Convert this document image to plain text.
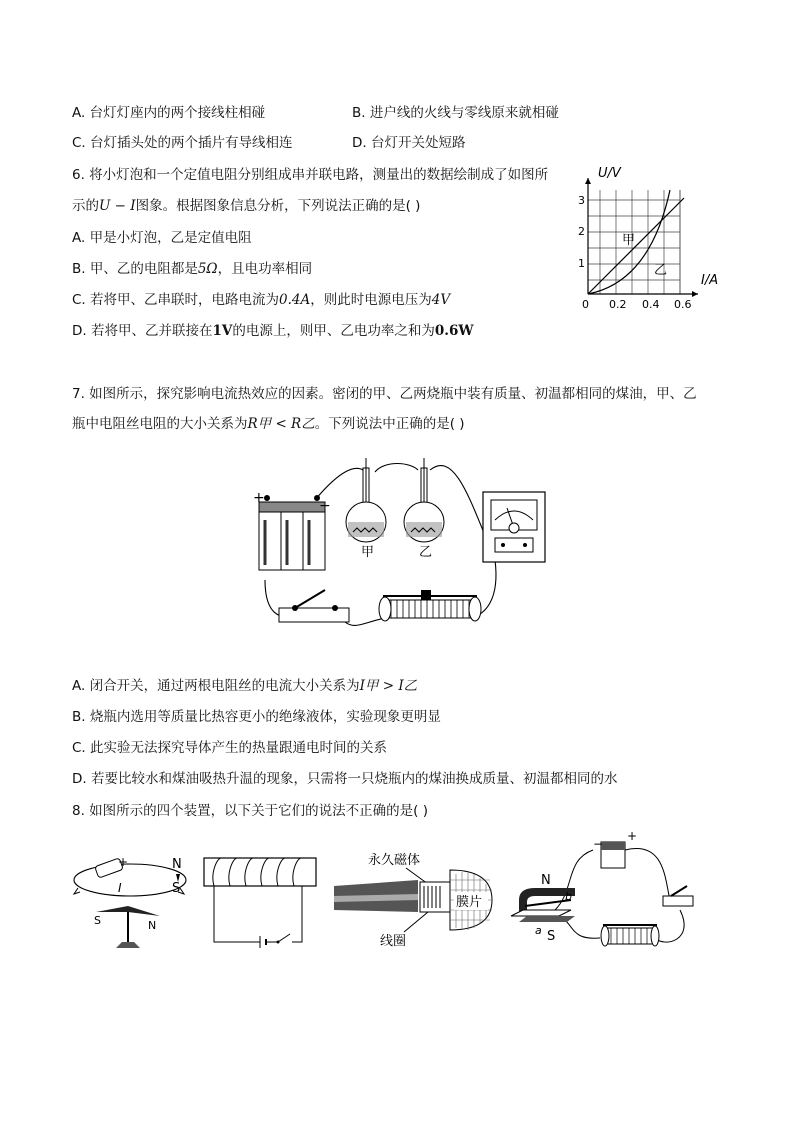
A. 台灯灯座内的两个接线柱相碰	B. 进户线的火线与零线原来就相碰
C. 台灯插头处的两个插片有导线相连	D. 台灯开关处短路
6. 将小灯泡和一个定值电阻分别组成串并联电路，测量出的数据绘制成了如图所
示的U − I图象。根据图象信息分析，下列说法正确的是( )
A. 甲是小灯泡，乙是定值电阻
B. 甲、乙的电阻都是5Ω，且电功率相同
C. 若将甲、乙串联时，电路电流为0.4A，则此时电源电压为4V
D. 若将甲、乙并联接在1V的电源上，则甲、乙电功率之和为0.6W
U/V
I/A
1
2
3
0 0.2 0.4 0.6
甲
乙
7. 如图所示，探究影响电流热效应的因素。密闭的甲、乙两烧瓶中装有质量、初温都相同的煤油，甲、乙
瓶中电阻丝电阻的大小关系为R甲 < R乙。下列说法中正确的是( )
+	−
甲	乙
A. 闭合开关，通过两根电阻丝的电流大小关系为I甲 > I乙
B. 烧瓶内选用等质量比热容更小的绝缘液体，实验现象更明显
C. 此实验无法探究导体产生的热量跟通电时间的关系
D. 若要比较水和煤油吸热升温的现象，只需将一只烧瓶内的煤油换成质量、初温都相同的水
8. 如图所示的四个装置，以下关于它们的说法不正确的是( )
+
I
S	N
N
S
永久磁体
膜片
线圈
−
+
N
b
a S
